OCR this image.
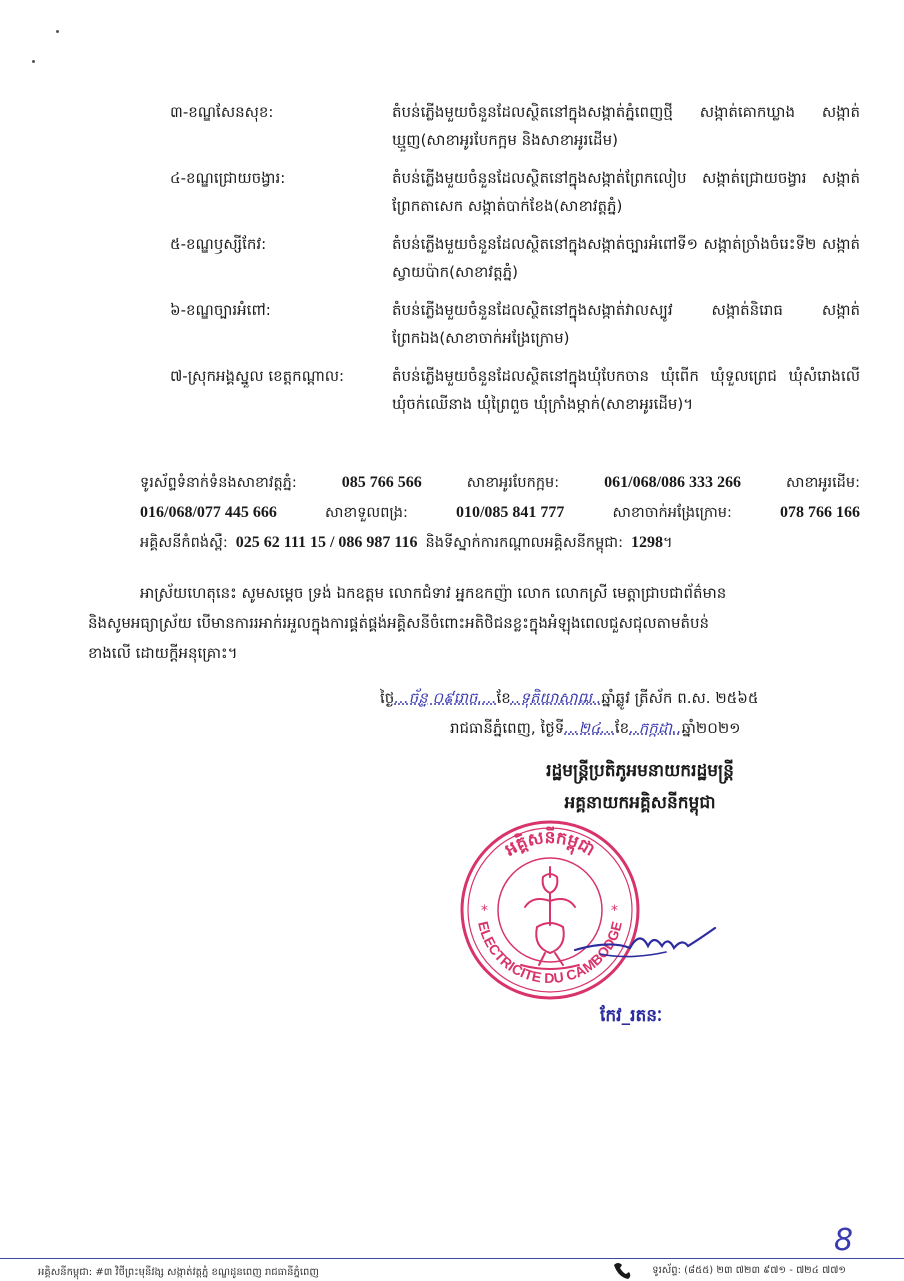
៣-ខណ្ឌសែនសុខ:	តំបន់ភ្លើងមួយចំនួនដែលស្ថិតនៅក្នុងសង្កាត់ភ្នំពេញថ្មី សង្កាត់គោកឃ្លាង សង្កាត់ឃ្មួញ(សាខាអូរបែកក្អម និងសាខាអូរដើម)
៤-ខណ្ឌជ្រោយចង្វារ:	តំបន់ភ្លើងមួយចំនួនដែលស្ថិតនៅក្នុងសង្កាត់ព្រែកលៀប សង្កាត់ជ្រោយចង្វារ សង្កាត់ព្រែកតាសេក សង្កាត់បាក់ខែង(សាខាវត្តភ្នំ)
៥-ខណ្ឌឫស្សីកែវ:	តំបន់ភ្លើងមួយចំនួនដែលស្ថិតនៅក្នុងសង្កាត់ច្បារអំពៅទី១ សង្កាត់ច្រាំងចំរេះទី២ សង្កាត់ស្វាយប៉ាក(សាខាវត្តភ្នំ)
៦-ខណ្ឌច្បារអំពៅ:	តំបន់ភ្លើងមួយចំនួនដែលស្ថិតនៅក្នុងសង្កាត់វាលស្បូវ សង្កាត់និរោធ សង្កាត់ព្រែកឯង(សាខាចាក់អង្រែក្រោម)
៧-ស្រុកអង្គស្នួល ខេត្តកណ្តាល:	តំបន់ភ្លើងមួយចំនួនដែលស្ថិតនៅក្នុងឃុំបែកចាន ឃុំពើក ឃុំទួលព្រេជ ឃុំសំរោងលើ ឃុំចក់ឈើនាង ឃុំព្រៃពួច ឃុំក្រាំងម្កាក់(សាខាអូរដើម)។
ទូរស័ព្ទទំនាក់ទំនងសាខាវត្តភ្នំ:	085 766 566	សាខាអូរបែកក្អម:	061/068/086 333 266	សាខាអូរដើម:
016/068/077 445 666	សាខាទួលពង្រ:	010/085 841 777	សាខាចាក់អង្រែក្រោម:	078 766 166
អគ្គិសនីកំពង់ស្ពឺ: 025 62 111 15 / 086 987 116 និងទីស្នាក់ការកណ្តាលអគ្គិសនីកម្ពុជា: 1298។
អាស្រ័យហេតុនេះ សូមសម្តេច ទ្រង់ ឯកឧត្តម លោកជំទាវ អ្នកឧកញ៉ា លោក លោកស្រី មេត្តាជ្រាបជាព័ត៌មាន
និងសូមអធ្យាស្រ័យ បើមានការរអាក់រអួលក្នុងការផ្គត់ផ្គង់អគ្គិសនីចំពោះអតិថិជនខ្លះក្នុងអំឡុងពេលជួសជុលតាមតំបន់
ខាងលើ ដោយក្តីអនុគ្រោះ។
ថ្ងៃ...ច័ន្ទ ០៩រោច....ខែ..ទុតិយាសាឍ..ឆ្នាំឆ្លូវ ត្រីស័ក ព.ស. ២៥៦៥
រាជធានីភ្នំពេញ, ថ្ងៃទី...២៤...ខែ..កក្កដា..ឆ្នាំ២០២១
រដ្ឋមន្ត្រីប្រតិភូអមនាយករដ្ឋមន្ត្រី
អគ្គនាយកអគ្គិសនីកម្ពុជា
អគ្គិសនីកម្ពុជា
ELECTRICITE DU CAMBODGE
*	*
កែវ_រតនៈ
8
អគ្គិសនីកម្ពុជា: #៣ វិថីព្រះមុនីវង្ស សង្កាត់វត្តភ្នំ ខណ្ឌដូនពេញ រាជធានីភ្នំពេញ	ទូរស័ព្ទ: (៨៥៥) ២៣ ៧២៣ ៩៧១ - ៧២៤ ៧៧១
